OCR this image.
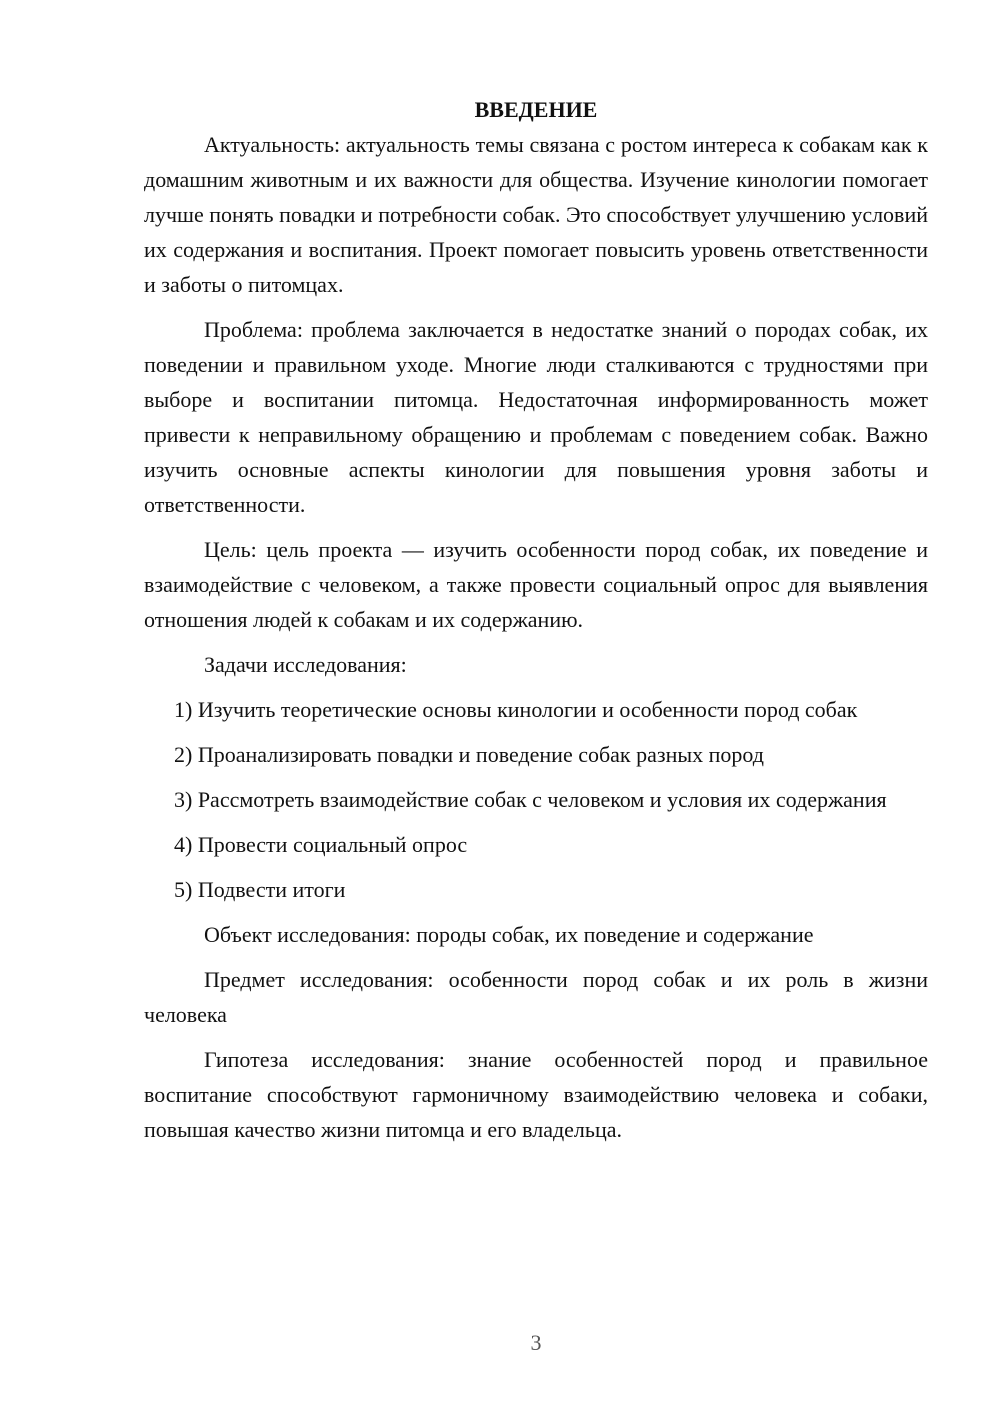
ВВЕДЕНИЕ

Актуальность: актуальность темы связана с ростом интереса к собакам как к домашним животным и их важности для общества. Изучение кинологии помогает лучше понять повадки и потребности собак. Это способствует улучшению условий их содержания и воспитания. Проект помогает повысить уровень ответственности и заботы о питомцах.

Проблема: проблема заключается в недостатке знаний о породах собак, их поведении и правильном уходе. Многие люди сталкиваются с трудностями при выборе и воспитании питомца. Недостаточная информированность может привести к неправильному обращению и проблемам с поведением собак. Важно изучить основные аспекты кинологии для повышения уровня заботы и ответственности.

Цель: цель проекта — изучить особенности пород собак, их поведение и взаимодействие с человеком, а также провести социальный опрос для выявления отношения людей к собакам и их содержанию.

Задачи исследования:

1) Изучить теоретические основы кинологии и особенности пород собак

2) Проанализировать повадки и поведение собак разных пород

3) Рассмотреть взаимодействие собак с человеком и условия их содержания

4) Провести социальный опрос

5) Подвести итоги

Объект исследования: породы собак, их поведение и содержание

Предмет исследования: особенности пород собак и их роль в жизни человека

Гипотеза исследования: знание особенностей пород и правильное воспитание способствуют гармоничному взаимодействию человека и собаки, повышая качество жизни питомца и его владельца.

3
